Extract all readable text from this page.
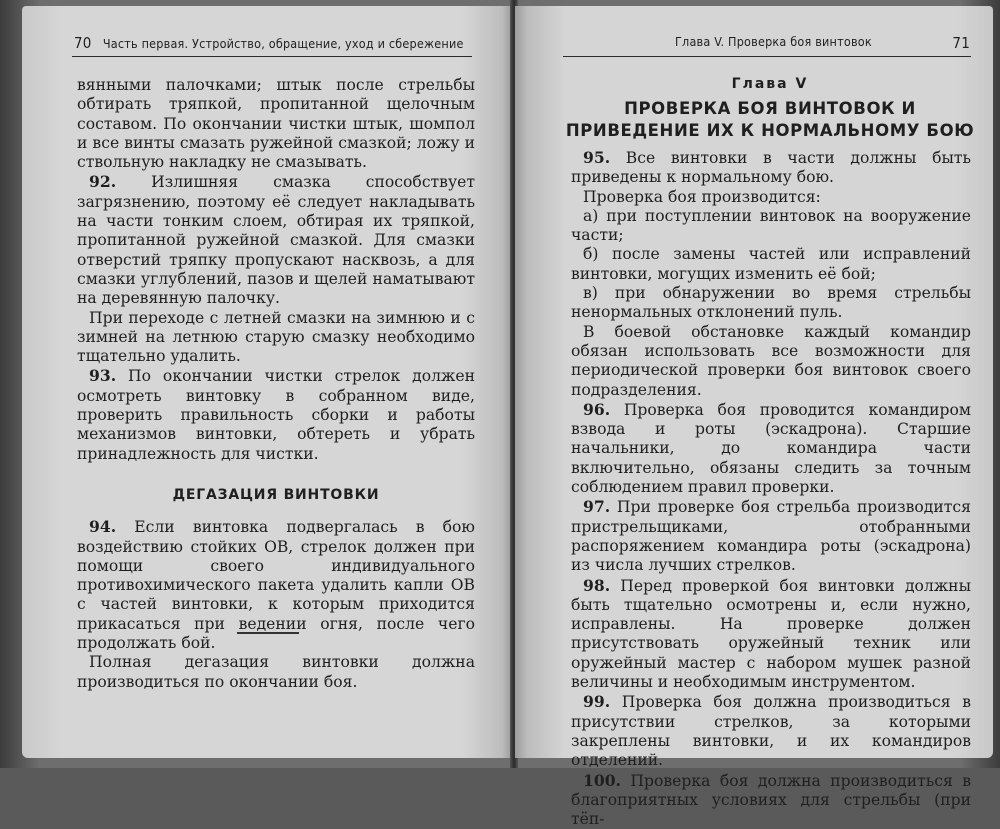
70 Часть первая. Устройство, обращение, уход и сбережение

вянными палочками; штык после стрельбы обтирать тряпкой, пропитанной щелочным составом. По окончании чистки штык, шомпол и все винты смазать ружейной смазкой; ложу и ствольную накладку не смазывать.

92. Излишняя смазка способствует загрязнению, поэтому её следует накладывать на части тонким слоем, обтирая их тряпкой, пропитанной ружейной смазкой. Для смазки отверстий тряпку пропускают насквозь, а для смазки углублений, пазов и щелей наматывают на деревянную палочку.

При переходе с летней смазки на зимнюю и с зимней на летнюю старую смазку необходимо тщательно удалить.

93. По окончании чистки стрелок должен осмотреть винтовку в собранном виде, проверить правильность сборки и работы механизмов винтовки, обтереть и убрать принадлежность для чистки.

ДЕГАЗАЦИЯ ВИНТОВКИ

94. Если винтовка подвергалась в бою воздействию стойких ОВ, стрелок должен при помощи своего индивидуального противохимического пакета удалить капли ОВ с частей винтовки, к которым приходится прикасаться при ведении огня, после чего продолжать бой.

Полная дегазация винтовки должна производиться по окончании боя.

Глава V. Проверка боя винтовок	71
Глава V
ПРОВЕРКА БОЯ ВИНТОВОК И ПРИВЕДЕНИЕ ИХ К НОРМАЛЬНОМУ БОЮ

95. Все винтовки в части должны быть приведены к нормальному бою.

Проверка боя производится:

а) при поступлении винтовок на вооружение части;

б) после замены частей или исправлений винтовки, могущих изменить её бой;

в) при обнаружении во время стрельбы ненормальных отклонений пуль.

В боевой обстановке каждый командир обязан использовать все возможности для периодической проверки боя винтовок своего подразделения.

96. Проверка боя проводится командиром взвода и роты (эскадрона). Старшие начальники, до командира части включительно, обязаны следить за точным соблюдением правил проверки.

97. При проверке боя стрельба производится пристрельщиками, отобранными распоряжением командира роты (эскадрона) из числа лучших стрелков.

98. Перед проверкой боя винтовки должны быть тщательно осмотрены и, если нужно, исправлены. На проверке должен присутствовать оружейный техник или оружейный мастер с набором мушек разной величины и необходимым инструментом.

99. Проверка боя должна производиться в присутствии стрелков, за которыми закреплены винтовки, и их командиров отделений.

100. Проверка боя должна производиться в благоприятных условиях для стрельбы (при тёп-
